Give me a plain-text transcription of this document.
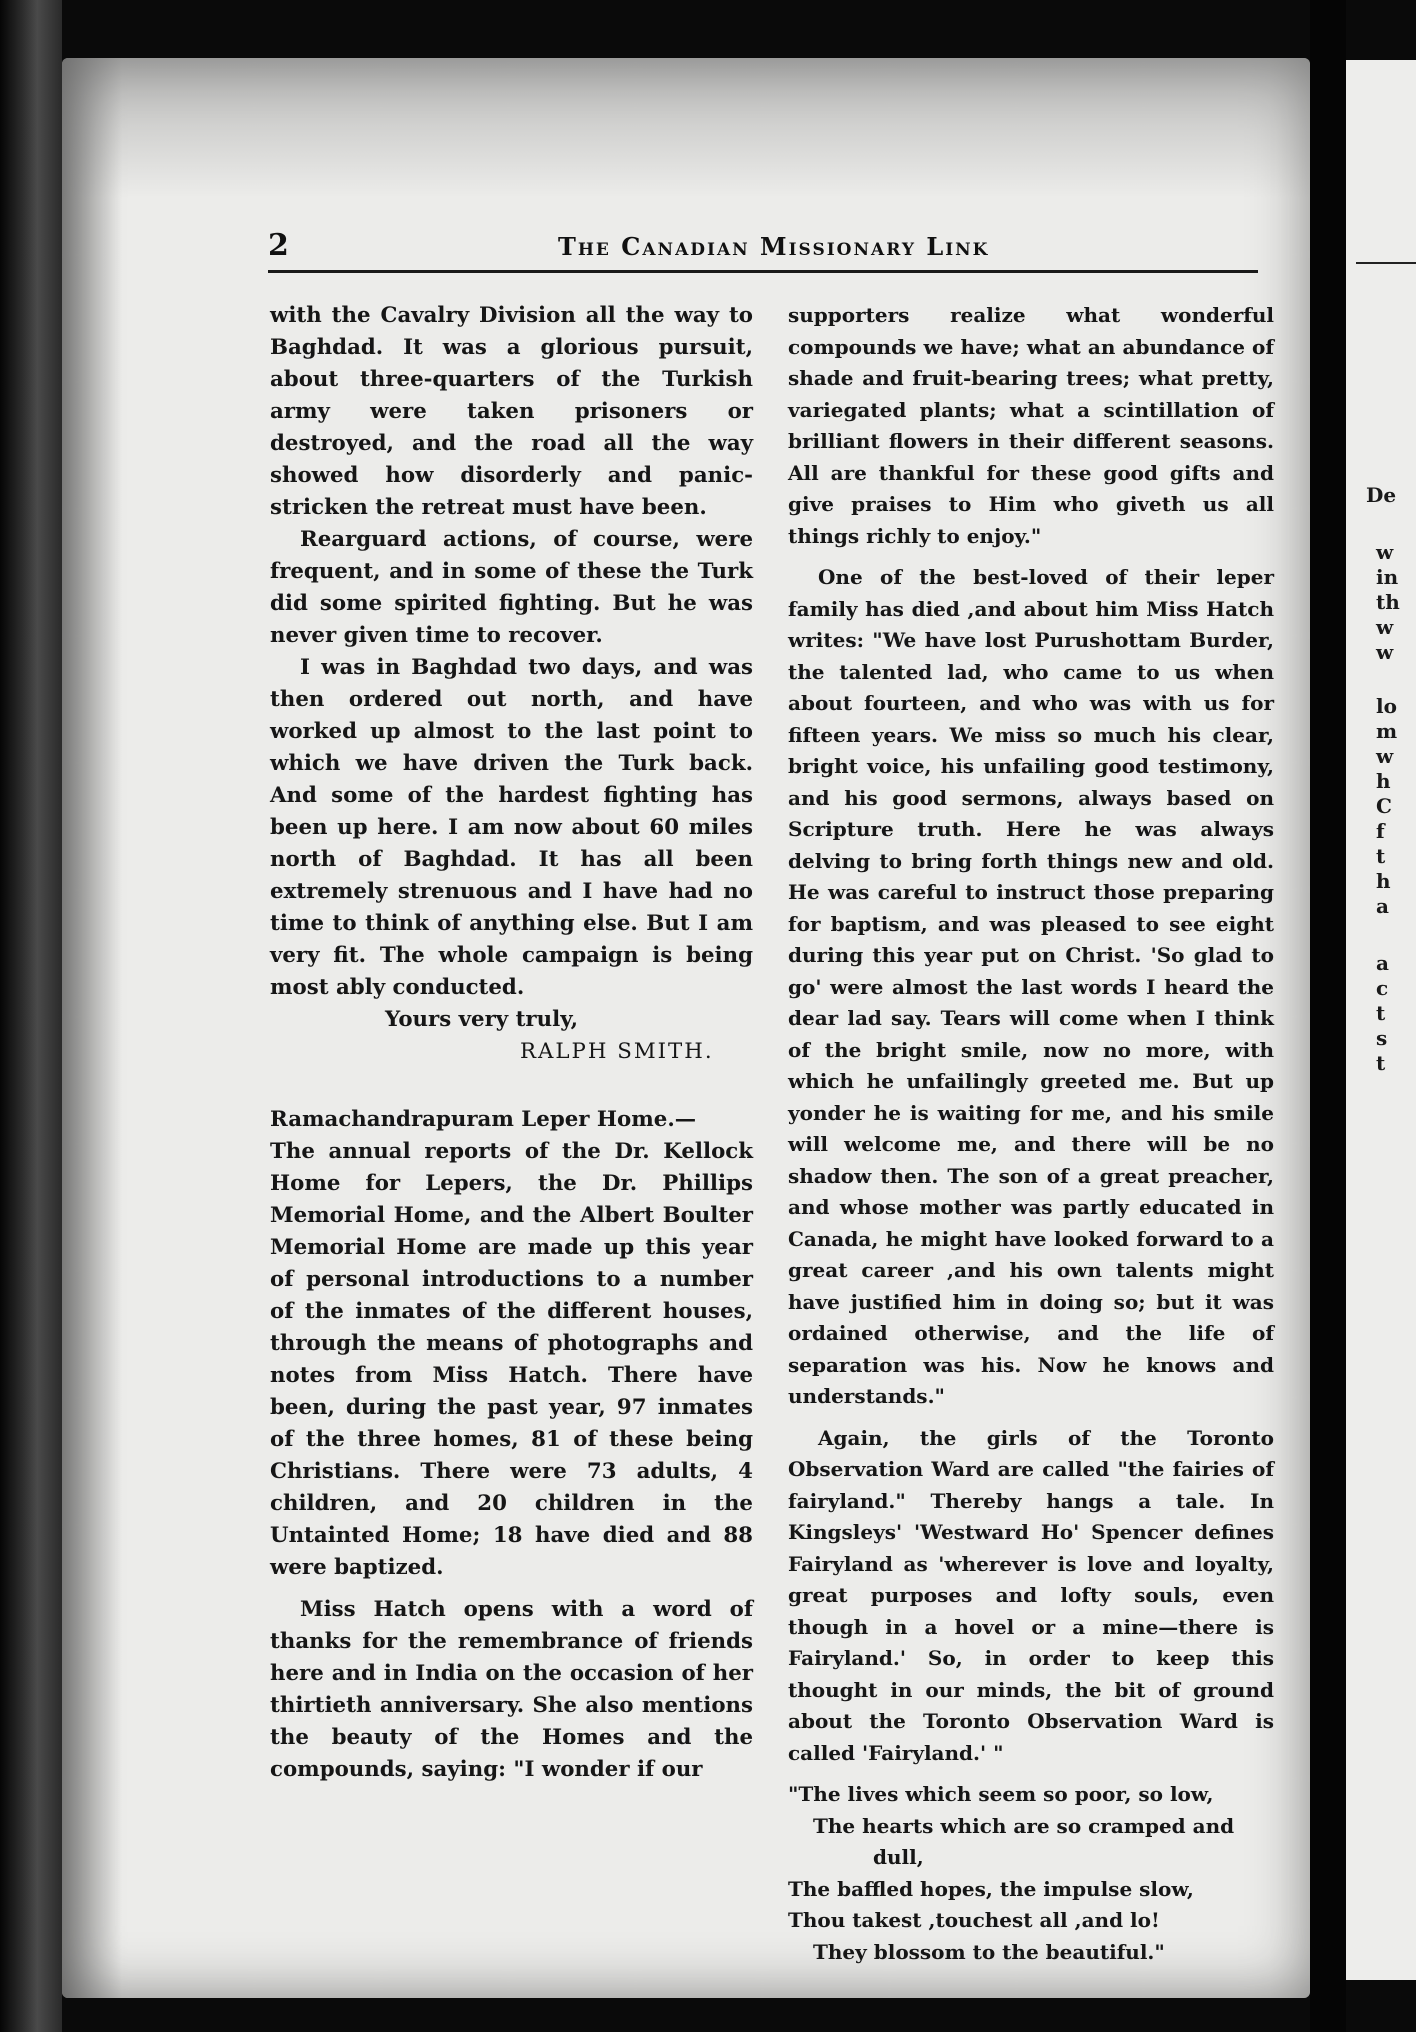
De
w
in
th
w
w
lo
m
w
h
C
f
t
h
a
a
c
t
s
t
2	The Canadian Missionary Link

with the Cavalry Division all the way to Baghdad. It was a glorious pursuit, about three-quarters of the Turkish army were taken prisoners or destroyed, and the road all the way showed how disorderly and panic-stricken the retreat must have been.

Rearguard actions, of course, were frequent, and in some of these the Turk did some spirited fighting. But he was never given time to recover.

I was in Baghdad two days, and was then ordered out north, and have worked up almost to the last point to which we have driven the Turk back. And some of the hardest fighting has been up here. I am now about 60 miles north of Baghdad. It has all been extremely strenuous and I have had no time to think of anything else. But I am very fit. The whole campaign is being most ably conducted.

Yours very truly,

RALPH SMITH.

Ramachandrapuram Leper Home.—

The annual reports of the Dr. Kellock Home for Lepers, the Dr. Phillips Memorial Home, and the Albert Boulter Memorial Home are made up this year of personal introductions to a number of the inmates of the different houses, through the means of photographs and notes from Miss Hatch. There have been, during the past year, 97 inmates of the three homes, 81 of these being Christians. There were 73 adults, 4 children, and 20 children in the Untainted Home; 18 have died and 88 were baptized.

Miss Hatch opens with a word of thanks for the remembrance of friends here and in India on the occasion of her thirtieth anniversary. She also mentions the beauty of the Homes and the compounds, saying: "I wonder if our

supporters realize what wonderful compounds we have; what an abundance of shade and fruit-bearing trees; what pretty, variegated plants; what a scintillation of brilliant flowers in their different seasons. All are thankful for these good gifts and give praises to Him who giveth us all things richly to enjoy."

One of the best-loved of their leper family has died ,and about him Miss Hatch writes: "We have lost Purushottam Burder, the talented lad, who came to us when about fourteen, and who was with us for fifteen years. We miss so much his clear, bright voice, his unfailing good testimony, and his good sermons, always based on Scripture truth. Here he was always delving to bring forth things new and old. He was careful to instruct those preparing for baptism, and was pleased to see eight during this year put on Christ. 'So glad to go' were almost the last words I heard the dear lad say. Tears will come when I think of the bright smile, now no more, with which he unfailingly greeted me. But up yonder he is waiting for me, and his smile will welcome me, and there will be no shadow then. The son of a great preacher, and whose mother was partly educated in Canada, he might have looked forward to a great career ,and his own talents might have justified him in doing so; but it was ordained otherwise, and the life of separation was his. Now he knows and understands."

Again, the girls of the Toronto Observation Ward are called "the fairies of fairyland." Thereby hangs a tale. In Kingsleys' 'Westward Ho' Spencer defines Fairyland as 'wherever is love and loyalty, great purposes and lofty souls, even though in a hovel or a mine—there is Fairyland.' So, in order to keep this thought in our minds, the bit of ground about the Toronto Observation Ward is called 'Fairyland.' "

"The lives which seem so poor, so low,

The hearts which are so cramped and

dull,

The baffled hopes, the impulse slow,

Thou takest ,touchest all ,and lo!

They blossom to the beautiful."
